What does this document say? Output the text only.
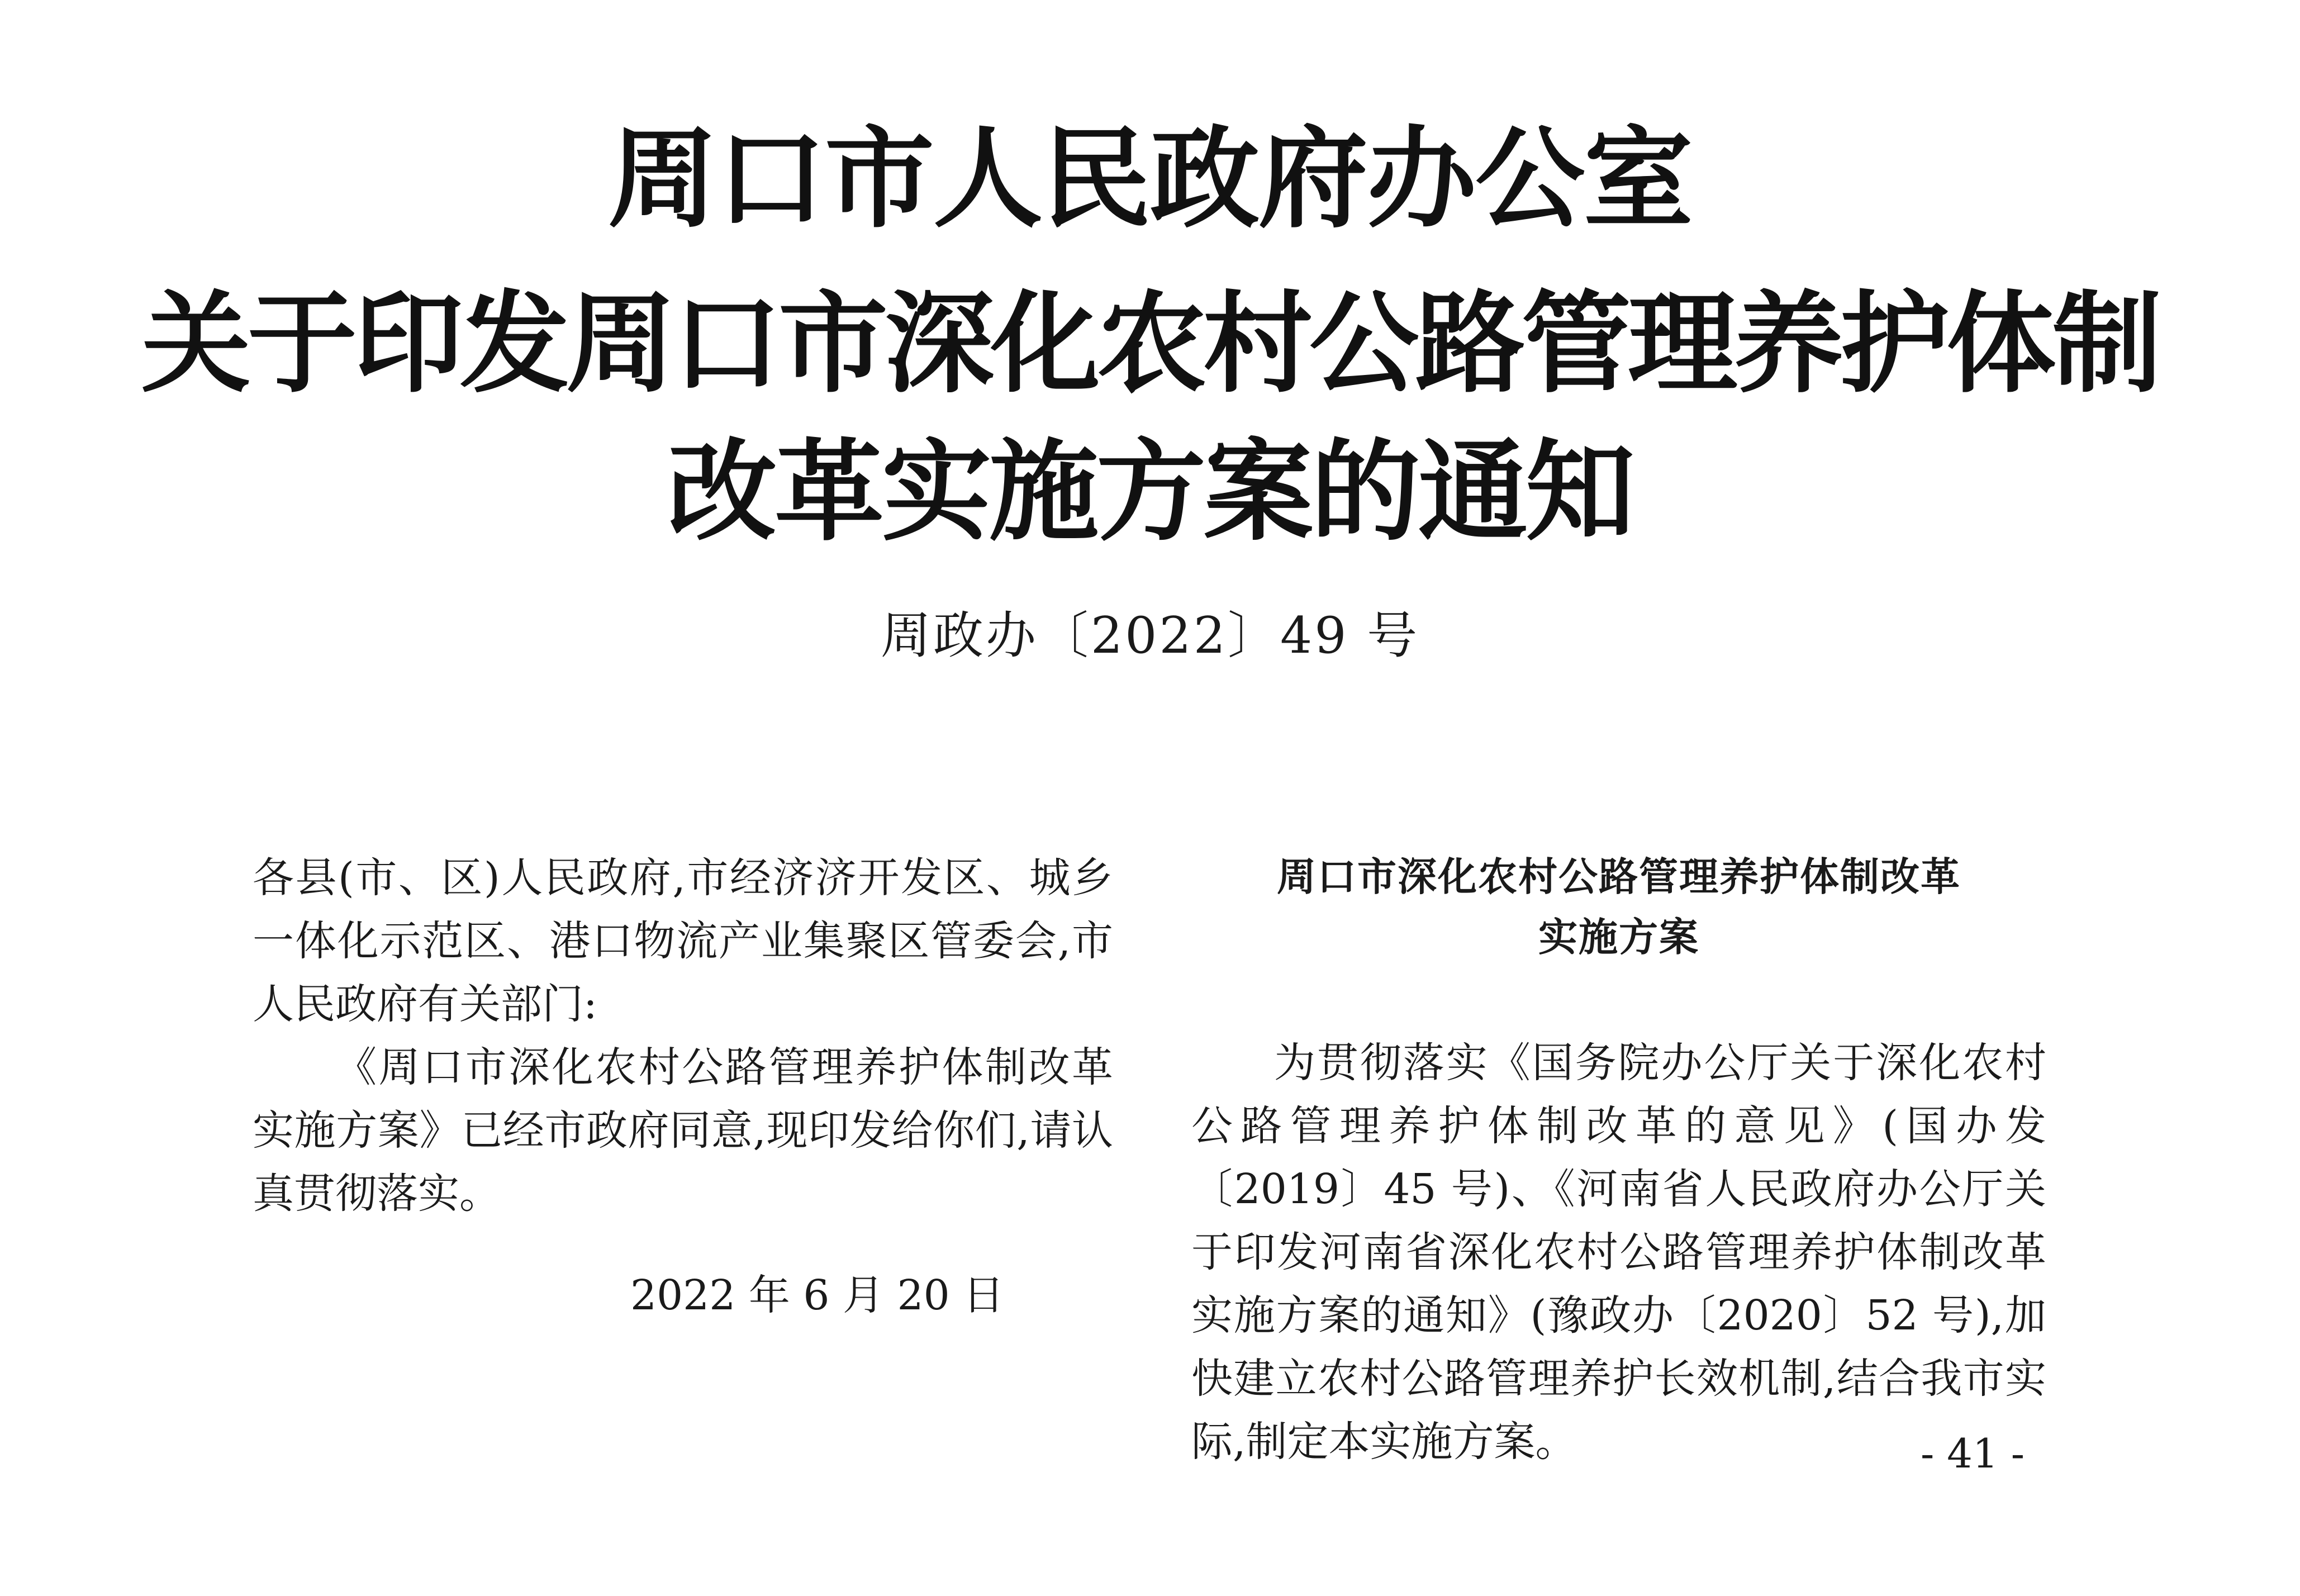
周口市人民政府办公室
关于印发周口市深化农村公路管理养护体制
改革实施方案的通知
周政办〔2022〕49 号

各县(市、区)人民政府,市经济济开发区、城乡一体化示范区、港口物流产业集聚区管委会,市人民政府有关部门:

《周口市深化农村公路管理养护体制改革实施方案》已经市政府同意,现印发给你们,请认真贯彻落实。

2022 年 6 月 20 日

周口市深化农村公路管理养护体制改革

实施方案

为贯彻落实《国务院办公厅关于深化农村公路管理养护体制改革的意见》(国办发〔2019〕45 号)、《河南省人民政府办公厅关于印发河南省深化农村公路管理养护体制改革实施方案的通知》(豫政办〔2020〕52 号),加快建立农村公路管理养护长效机制,结合我市实际,制定本实施方案。	- 41 -
